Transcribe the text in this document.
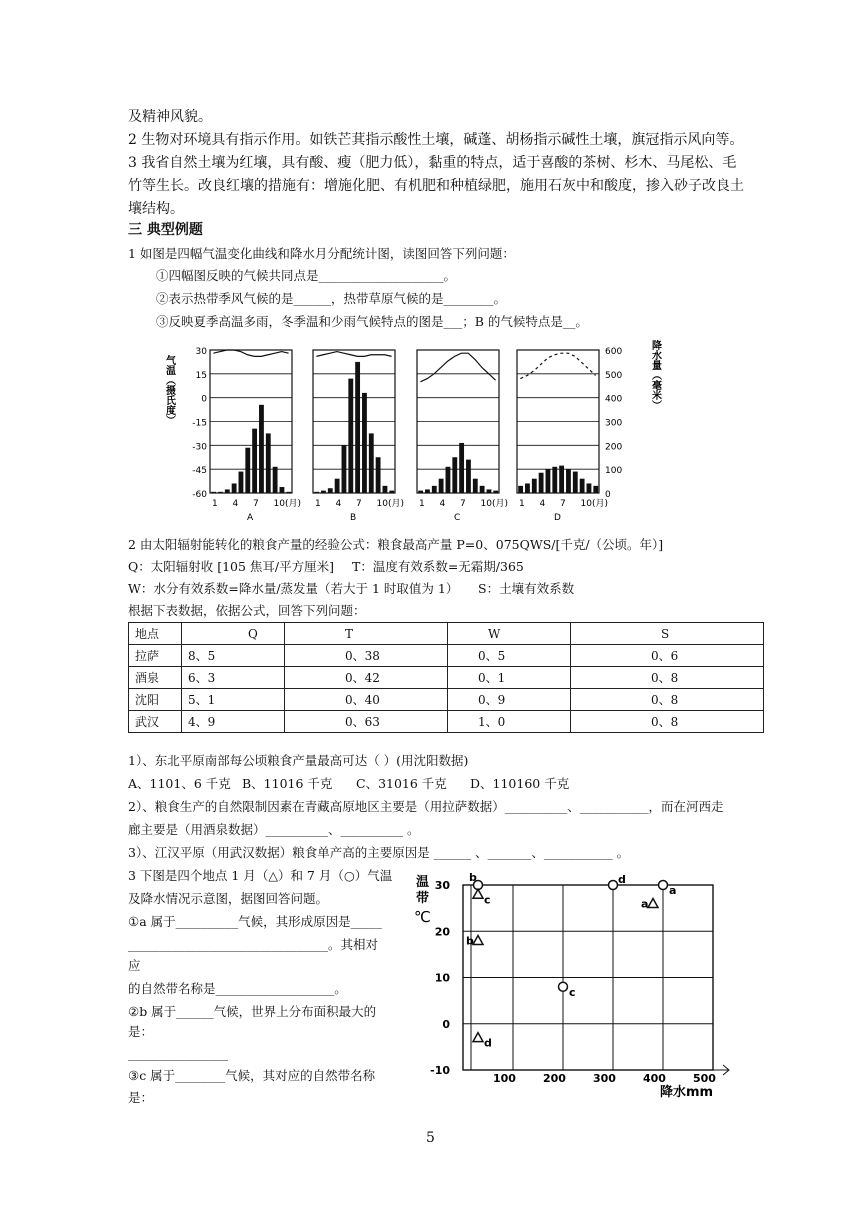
及精神风貌。
2 生物对环境具有指示作用。如铁芒萁指示酸性土壤，碱蓬、胡杨指示碱性土壤，旗冠指示风向等。
3 我省自然土壤为红壤，具有酸、瘦（肥力低），黏重的特点，适于喜酸的茶树、杉木、马尾松、毛
竹等生长。改良红壤的措施有：增施化肥、有机肥和种植绿肥，施用石灰中和酸度，掺入砂子改良土
壤结构。
三 典型例题
1 如图是四幅气温变化曲线和降水月分配统计图，读图回答下列问题：
①四幅图反映的气候共同点是____________________。
②表示热带季风气候的是______，热带草原气候的是________。
③反映夏季高温多雨，冬季温和少雨气候特点的图是___；B 的气候特点是__。
气温（摄氏度）
30
15
0
-15
-30
-45
-60
降水量（毫米）
600
500
400
300
200
100
0
1 4 7 10(月)
A
1 4 7 10(月)
B
1 4 7 10(月)
C
1 4 7 10(月)
D
2 由太阳辐射能转化的粮食产量的经验公式：粮食最高产量 P=0、075QWS/[千克/（公顷。年）]
Q：太阳辐射收 [105 焦耳/平方厘米] T：温度有效系数=无霜期/365
W：水分有效系数=降水量/蒸发量（若大于 1 时取值为 1） S：土壤有效系数
根据下表数据，依据公式，回答下列问题：
地点	Q	T	W	S
拉萨	8、5	0、38	0、5	0、6
酒泉	6、3	0、42	0、1	0、8
沈阳	5、1	0、40	0、9	0、8
武汉	4、9	0、63	1、0	0、8
1）、东北平原南部每公顷粮食产量最高可达（ ）(用沈阳数据)
A、1101、6 千克 B、11016 千克 C、31016 千克 D、110160 千克
2）、粮食生产的自然限制因素在青藏高原地区主要是（用拉萨数据）__________、___________，而在河西走
廊主要是（用酒泉数据）__________、__________ 。
3）、江汉平原（用武汉数据）粮食单产高的主要原因是 ______ 、_______、___________ 。
3 下图是四个地点 1 月（△）和 7 月（○）气温
及降水情况示意图，据图回答问题。
①a 属于__________气候，其形成原因是_____
________________________________。其相对
应
的自然带名称是___________________。
②b 属于______气候，世界上分布面积最大的
是：
________________
③c 属于________气候，其对应的自然带名称
是：
温
带
℃
30
20
10
0
-10
100 200 300 400 500
降水mm
b
c
b
d
c
d
a
a
5
